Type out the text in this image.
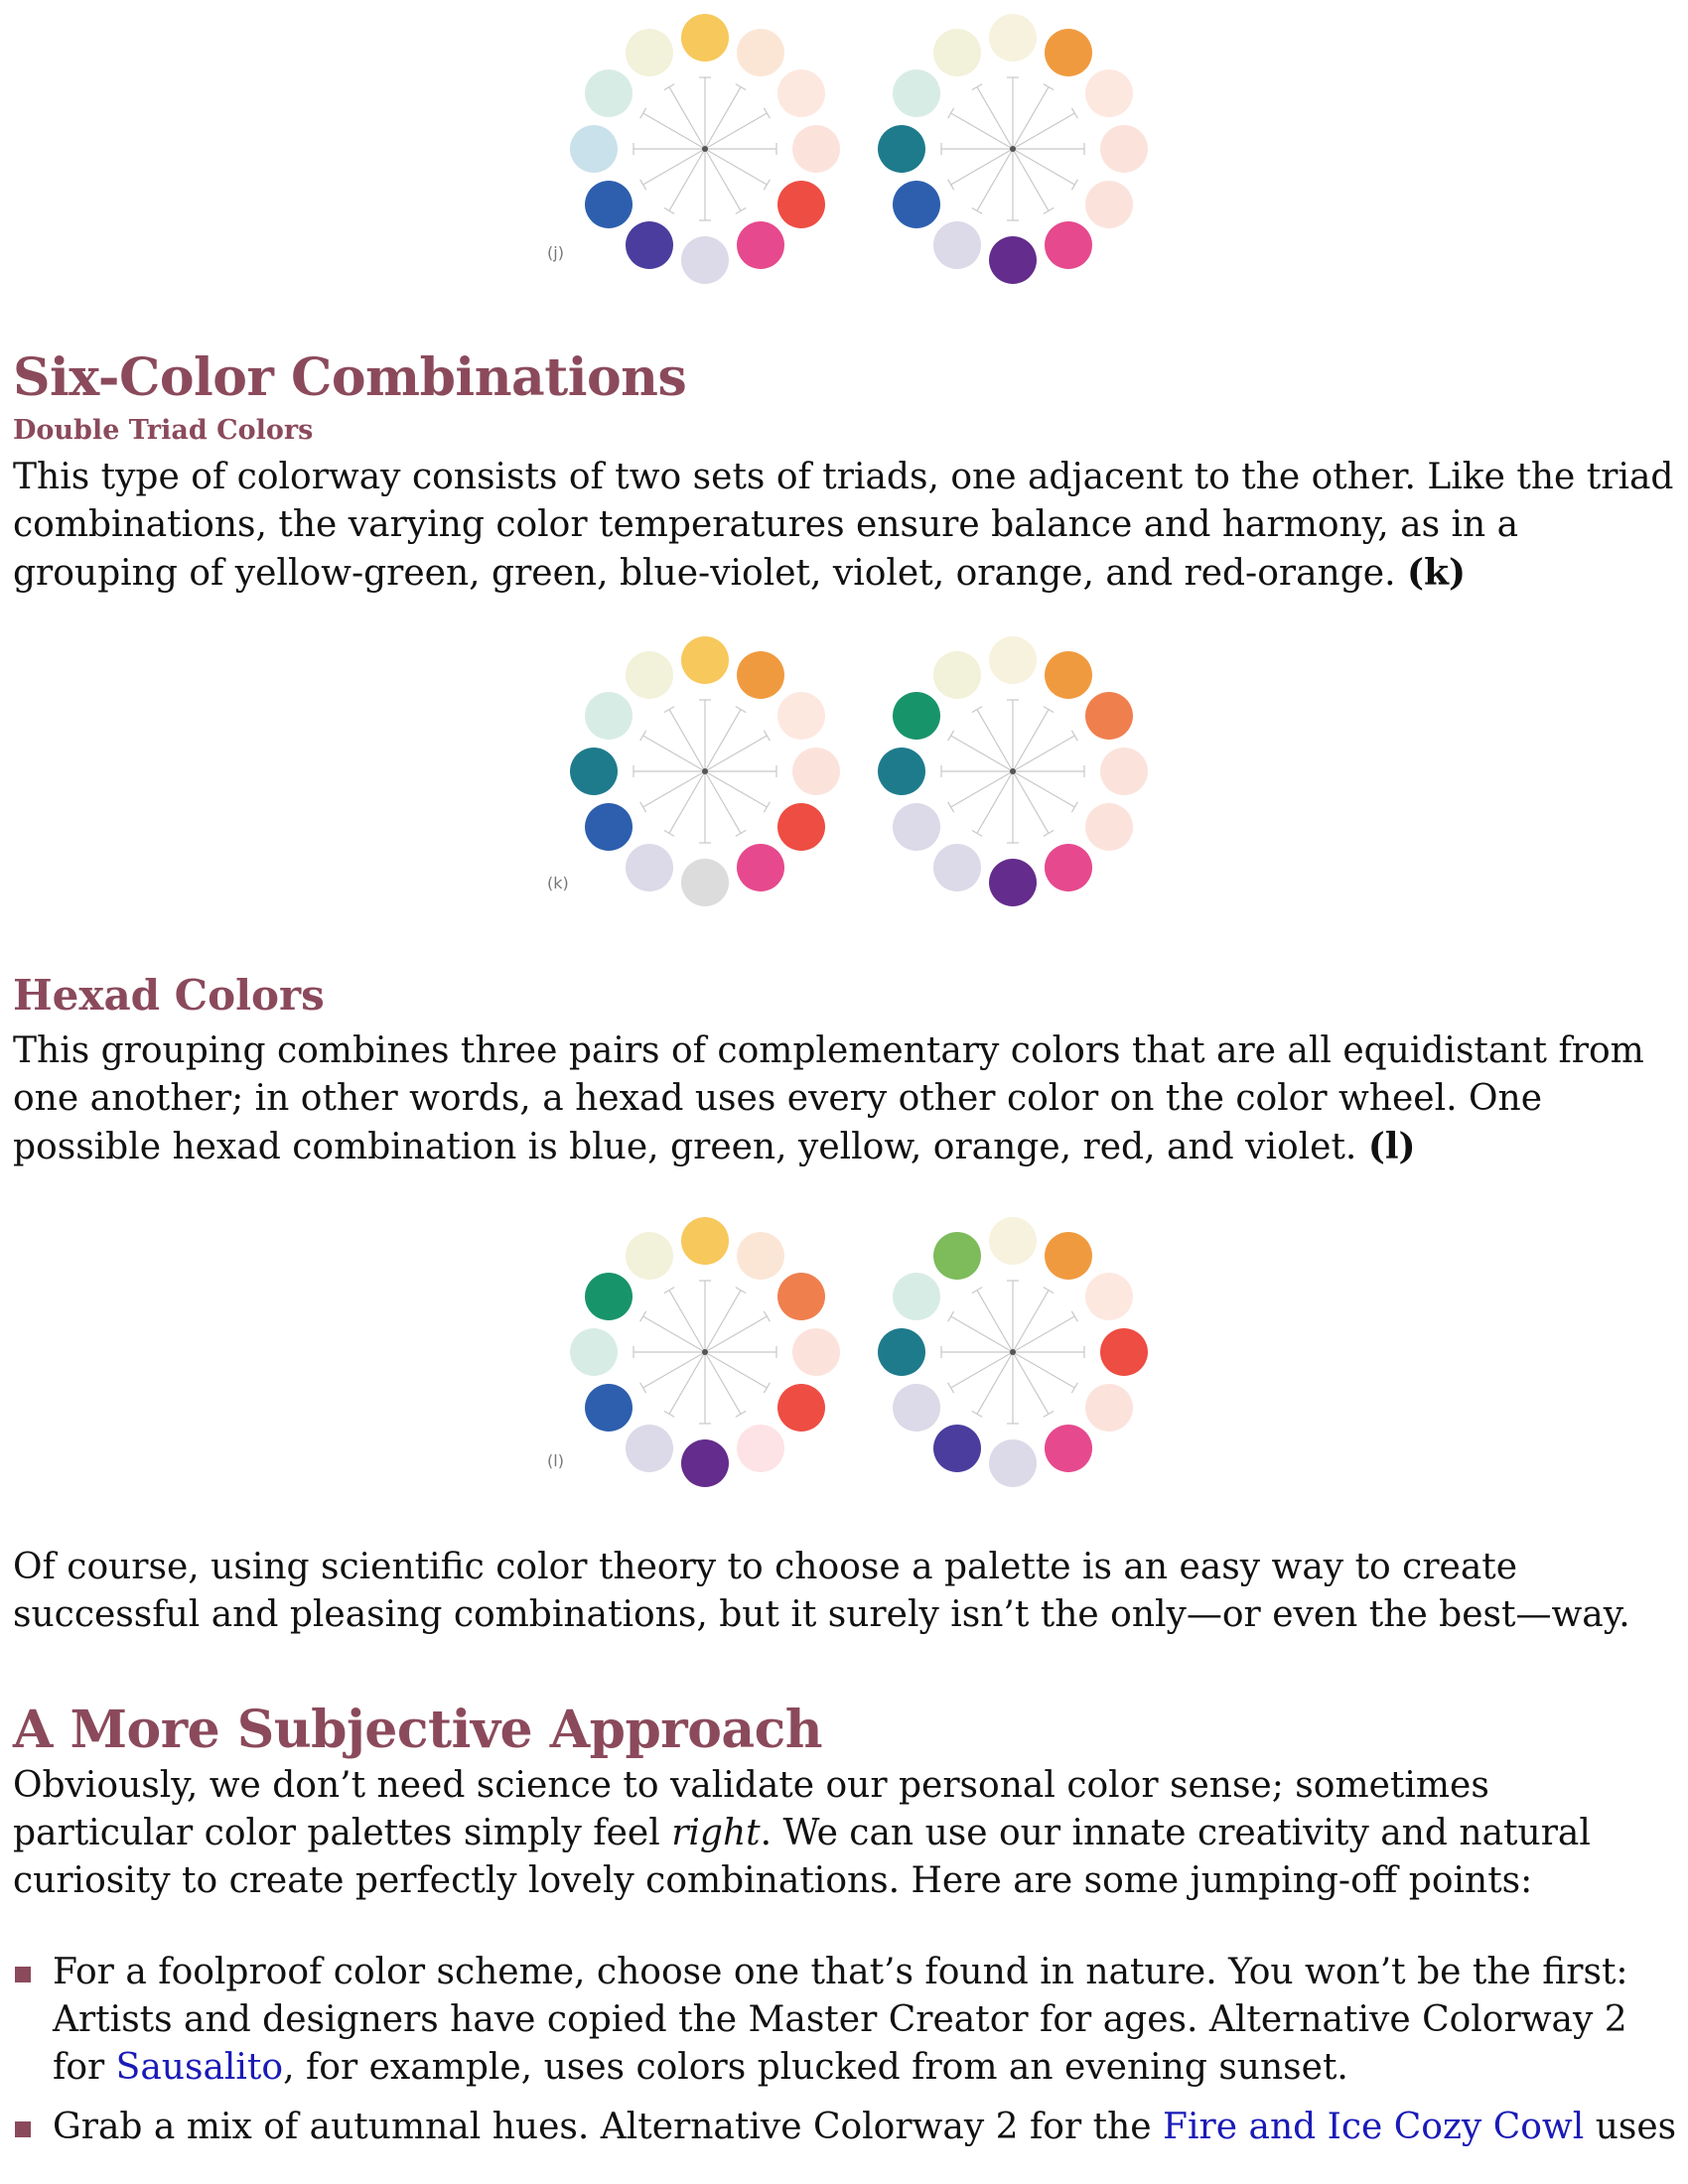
(j)
Six-Color Combinations
Double Triad Colors

This type of colorway consists of two sets of triads, one adjacent to the other. Like the triad combinations, the varying color temperatures ensure balance and harmony, as in a grouping of yellow-green, green, blue-violet, violet, orange, and red-orange. (k)

(k)
Hexad Colors

This grouping combines three pairs of complementary colors that are all equidistant from one another; in other words, a hexad uses every other color on the color wheel. One possible hexad combination is blue, green, yellow, orange, red, and violet. (l)

(l)

Of course, using scientific color theory to choose a palette is an easy way to create successful and pleasing combinations, but it surely isn’t the only—or even the best—way.

A More Subjective Approach

Obviously, we don’t need science to validate our personal color sense; sometimes particular color palettes simply feel right. We can use our innate creativity and natural curiosity to create perfectly lovely combinations. Here are some jumping-off points:

For a foolproof color scheme, choose one that’s found in nature. You won’t be the first: Artists and designers have copied the Master Creator for ages. Alternative Colorway 2 for Sausalito, for example, uses colors plucked from an evening sunset.
Grab a mix of autumnal hues. Alternative Colorway 2 for the Fire and Ice Cozy Cowl uses
